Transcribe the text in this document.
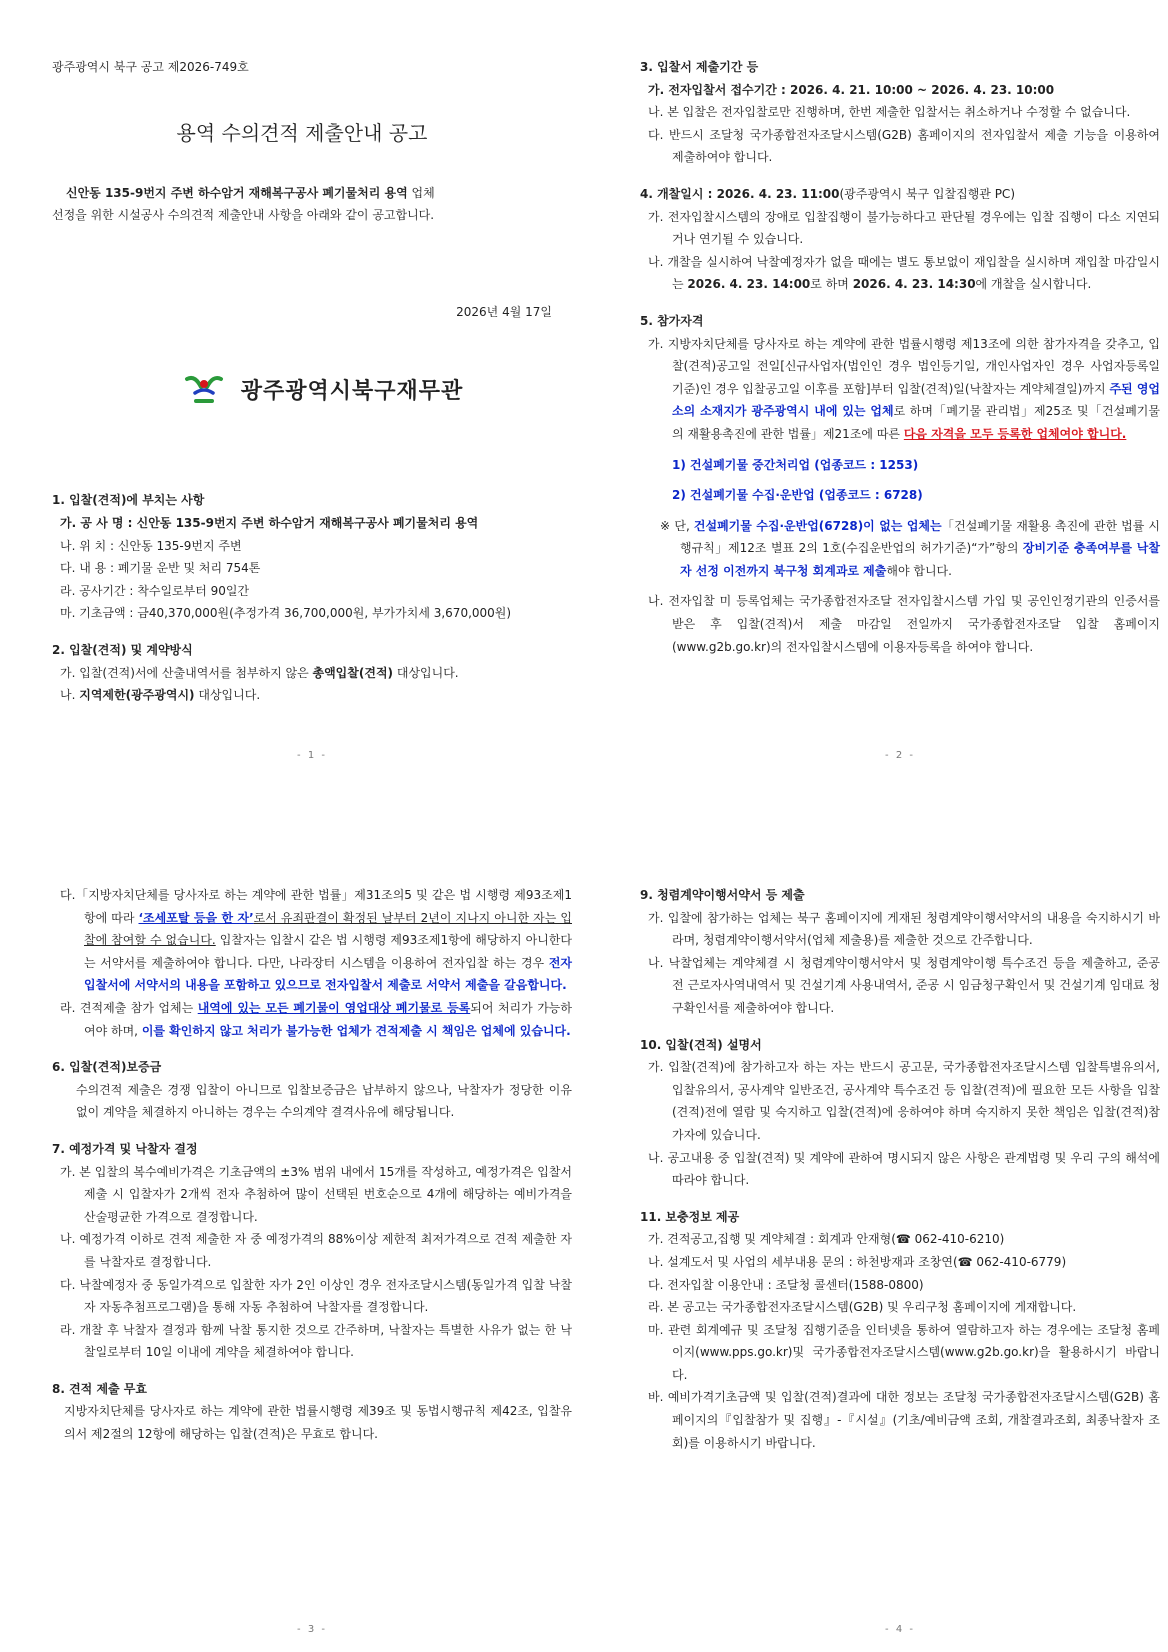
광주광역시 북구 공고 제2026-749호
용역 수의견적 제출안내 공고
신안동 135-9번지 주변 하수암거 재해복구공사 폐기물처리 용역 업체
선정을 위한 시설공사 수의견적 제출안내 사항을 아래와 같이 공고합니다.
2026년 4월 17일
광주광역시북구재무관
1. 입찰(견적)에 부치는 사항
가. 공 사 명 : 신안동 135-9번지 주변 하수암거 재해복구공사 폐기물처리 용역
나. 위 치 : 신안동 135-9번지 주변
다. 내 용 : 폐기물 운반 및 처리 754톤
라. 공사기간 : 착수일로부터 90일간
마. 기초금액 : 금40,370,000원(추정가격 36,700,000원, 부가가치세 3,670,000원)
2. 입찰(견적) 및 계약방식
가. 입찰(견적)서에 산출내역서를 첨부하지 않은 총액입찰(견적) 대상입니다.
나. 지역제한(광주광역시) 대상입니다.
- 1 -
3. 입찰서 제출기간 등
가. 전자입찰서 접수기간 : 2026. 4. 21. 10:00 ~ 2026. 4. 23. 10:00
나. 본 입찰은 전자입찰로만 진행하며, 한번 제출한 입찰서는 취소하거나 수정할 수 없습니다.
다. 반드시 조달청 국가종합전자조달시스템(G2B) 홈페이지의 전자입찰서 제출 기능을 이용하여 제출하여야 합니다.
4. 개찰일시 : 2026. 4. 23. 11:00(광주광역시 북구 입찰집행관 PC)
가. 전자입찰시스템의 장애로 입찰집행이 불가능하다고 판단될 경우에는 입찰 집행이 다소 지연되거나 연기될 수 있습니다.
나. 개찰을 실시하여 낙찰예정자가 없을 때에는 별도 통보없이 재입찰을 실시하며 재입찰 마감일시는 2026. 4. 23. 14:00로 하며 2026. 4. 23. 14:30에 개찰을 실시합니다.
5. 참가자격
가. 지방자치단체를 당사자로 하는 계약에 관한 법률시행령 제13조에 의한 참가자격을 갖추고, 입찰(견적)공고일 전일[신규사업자(법인인 경우 법인등기일, 개인사업자인 경우 사업자등록일 기준)인 경우 입찰공고일 이후를 포함]부터 입찰(견적)일(낙찰자는 계약체결일)까지 주된 영업소의 소재지가 광주광역시 내에 있는 업체로 하며「폐기물 관리법」제25조 및「건설폐기물의 재활용촉진에 관한 법률」제21조에 따른 다음 자격을 모두 등록한 업체여야 합니다.
1) 건설폐기물 중간처리업 (업종코드 : 1253)
2) 건설폐기물 수집·운반업 (업종코드 : 6728)
※ 단, 건설폐기물 수집·운반업(6728)이 없는 업체는「건설폐기물 재활용 촉진에 관한 법률 시행규칙」제12조 별표 2의 1호(수집운반업의 허가기준)“가”항의 장비기준 충족여부를 낙찰자 선정 이전까지 북구청 회계과로 제출해야 합니다.
나. 전자입찰 미 등록업체는 국가종합전자조달 전자입찰시스템 가입 및 공인인정기관의 인증서를 받은 후 입찰(견적)서 제출 마감일 전일까지 국가종합전자조달 입찰 홈페이지(www.g2b.go.kr)의 전자입찰시스템에 이용자등록을 하여야 합니다.
- 2 -
다.「지방자치단체를 당사자로 하는 계약에 관한 법률」제31조의5 및 같은 법 시행령 제93조제1항에 따라 ‘조세포탈 등을 한 자’로서 유죄판결이 확정된 날부터 2년이 지나지 아니한 자는 입찰에 참여할 수 없습니다. 입찰자는 입찰시 같은 법 시행령 제93조제1항에 해당하지 아니한다는 서약서를 제출하여야 합니다. 다만, 나라장터 시스템을 이용하여 전자입찰 하는 경우 전자입찰서에 서약서의 내용을 포함하고 있으므로 전자입찰서 제출로 서약서 제출을 갈음합니다.
라. 견적제출 참가 업체는 내역에 있는 모든 폐기물이 영업대상 폐기물로 등록되어 처리가 가능하여야 하며, 이를 확인하지 않고 처리가 불가능한 업체가 견적제출 시 책임은 업체에 있습니다.
6. 입찰(견적)보증금
수의견적 제출은 경쟁 입찰이 아니므로 입찰보증금은 납부하지 않으나, 낙찰자가 정당한 이유 없이 계약을 체결하지 아니하는 경우는 수의계약 결격사유에 해당됩니다.
7. 예정가격 및 낙찰자 결정
가. 본 입찰의 복수예비가격은 기초금액의 ±3% 범위 내에서 15개를 작성하고, 예정가격은 입찰서 제출 시 입찰자가 2개씩 전자 추첨하여 많이 선택된 번호순으로 4개에 해당하는 예비가격을 산술평균한 가격으로 결정합니다.
나. 예정가격 이하로 견적 제출한 자 중 예정가격의 88%이상 제한적 최저가격으로 견적 제출한 자를 낙찰자로 결정합니다.
다. 낙찰예정자 중 동일가격으로 입찰한 자가 2인 이상인 경우 전자조달시스템(동일가격 입찰 낙찰자 자동추첨프로그램)을 통해 자동 추첨하여 낙찰자를 결정합니다.
라. 개찰 후 낙찰자 결정과 함께 낙찰 통지한 것으로 간주하며, 낙찰자는 특별한 사유가 없는 한 낙찰일로부터 10일 이내에 계약을 체결하여야 합니다.
8. 견적 제출 무효
지방자치단체를 당사자로 하는 계약에 관한 법률시행령 제39조 및 동법시행규칙 제42조, 입찰유의서 제2절의 12항에 해당하는 입찰(견적)은 무효로 합니다.
- 3 -
9. 청렴계약이행서약서 등 제출
가. 입찰에 참가하는 업체는 북구 홈페이지에 게재된 청렴계약이행서약서의 내용을 숙지하시기 바라며, 청렴계약이행서약서(업체 제출용)를 제출한 것으로 간주합니다.
나. 낙찰업체는 계약체결 시 청렴계약이행서약서 및 청렴계약이행 특수조건 등을 제출하고, 준공 전 근로자사역내역서 및 건설기계 사용내역서, 준공 시 임금청구확인서 및 건설기계 임대료 청구확인서를 제출하여야 합니다.
10. 입찰(견적) 설명서
가. 입찰(견적)에 참가하고자 하는 자는 반드시 공고문, 국가종합전자조달시스템 입찰특별유의서, 입찰유의서, 공사계약 일반조건, 공사계약 특수조건 등 입찰(견적)에 필요한 모든 사항을 입찰(견적)전에 열람 및 숙지하고 입찰(견적)에 응하여야 하며 숙지하지 못한 책임은 입찰(견적)참가자에 있습니다.
나. 공고내용 중 입찰(견적) 및 계약에 관하여 명시되지 않은 사항은 관계법령 및 우리 구의 해석에 따라야 합니다.
11. 보충정보 제공
가. 견적공고,집행 및 계약체결 : 회계과 안재형(☎ 062-410-6210)
나. 설계도서 및 사업의 세부내용 문의 : 하천방재과 조창연(☎ 062-410-6779)
다. 전자입찰 이용안내 : 조달청 콜센터(1588-0800)
라. 본 공고는 국가종합전자조달시스템(G2B) 및 우리구청 홈페이지에 게재합니다.
마. 관련 회계예규 및 조달청 집행기준을 인터넷을 통하여 열람하고자 하는 경우에는 조달청 홈페이지(www.pps.go.kr)및 국가종합전자조달시스템(www.g2b.go.kr)을 활용하시기 바랍니다.
바. 예비가격기초금액 및 입찰(견적)결과에 대한 정보는 조달청 국가종합전자조달시스템(G2B) 홈페이지의『입찰참가 및 집행』-『시설』(기초/예비금액 조회, 개찰결과조회, 최종낙찰자 조회)를 이용하시기 바랍니다.
- 4 -
